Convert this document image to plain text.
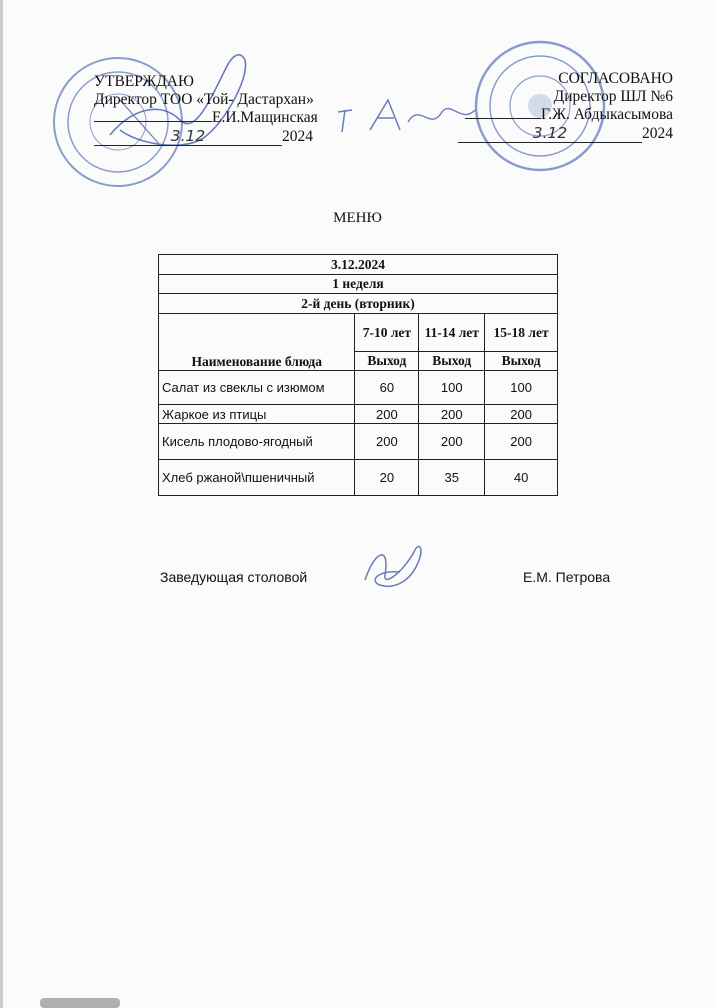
УТВЕРЖДАЮ
Директор ТОО «Той- Дастархан»
Е.И.Мащинская
3.12	2024
СОГЛАСОВАНО
Директор ШЛ №6
Г.Ж. Абдыкасымова
3.12	2024
МЕНЮ
3.12.2024			
1 неделя			
2-й день (вторник)			
Наименование блюда	7-10 лет	11-14 лет	15-18 лет
	Выход	Выход	Выход
Салат из свеклы с изюмом	60	100	100
Жаркое из птицы	200	200	200
Кисель плодово-ягодный	200	200	200
Хлеб ржаной\пшеничный	20	35	40
Заведующая столовой	Е.М. Петрова
